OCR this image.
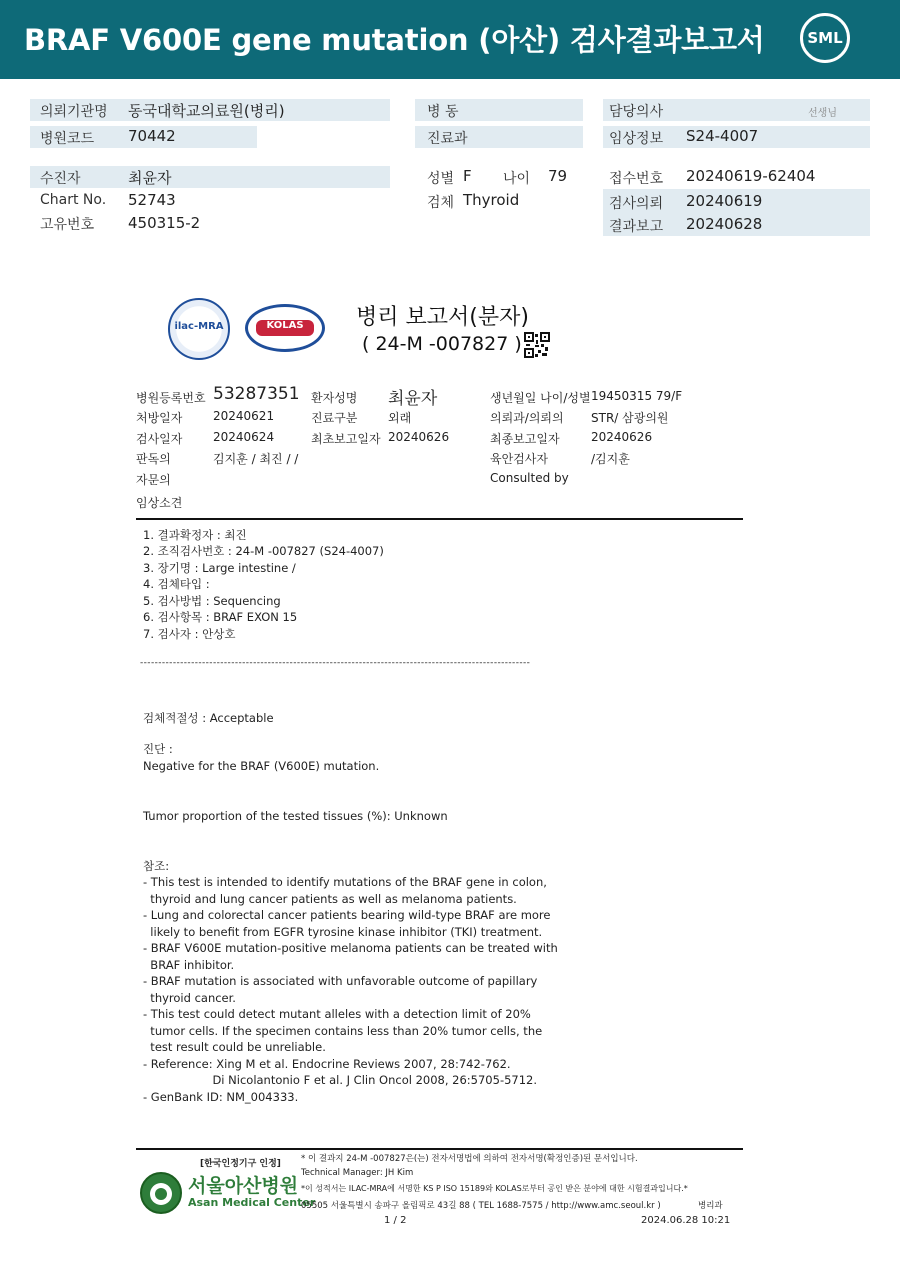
BRAF V600E gene mutation (아산) 검사결과보고서	SML
의뢰기관명 동국대학교의료원(병리)
병원코드 70442
병 동
진료과
담당의사	선생님
임상정보 S24-4007
수진자	최윤자
Chart No. 52743
고유번호 450315-2
성별 F 나이 79
검체 Thyroid
접수번호 20240619-62404
검사의뢰 20240619
결과보고 20240628
ilac-MRA	KOLAS	병리 보고서(분자)
( 24-M -007827 )
병원등록번호 53287351 환자성명 최윤자	생년월일 나이/성별 19450315 79/F
처방일자	20240621	진료구분	외래	의뢰과/의뢰의 STR/ 삼광의원
검사일자	20240624	최초보고일자 20240626	최종보고일자	20240626
판독의	김지훈 / 최진 / /	육안검사자	/김지훈
자문의	Consulted by
임상소견
1. 결과확정자 : 최진
2. 조직검사번호 : 24-M -007827 (S24-4007)
3. 장기명 : Large intestine /
4. 검체타입 :
5. 검사방법 : Sequencing
6. 검사항목 : BRAF EXON 15
7. 검사자 : 안상호
-----------------------------------------------------------------------------------------------------------
검체적절성 : Acceptable
진단 :
Negative for the BRAF (V600E) mutation.
Tumor proportion of the tested tissues (%): Unknown
참조:
- This test is intended to identify mutations of the BRAF gene in colon,
thyroid and lung cancer patients as well as melanoma patients.
- Lung and colorectal cancer patients bearing wild-type BRAF are more
likely to benefit from EGFR tyrosine kinase inhibitor (TKI) treatment.
- BRAF V600E mutation-positive melanoma patients can be treated with
BRAF inhibitor.
- BRAF mutation is associated with unfavorable outcome of papillary
thyroid cancer.
- This test could detect mutant alleles with a detection limit of 20%
tumor cells. If the specimen contains less than 20% tumor cells, the
test result could be unreliable.
- Reference: Xing M et al. Endocrine Reviews 2007, 28:742-762.
Di Nicolantonio F et al. J Clin Oncol 2008, 26:5705-5712.
- GenBank ID: NM_004333.
[한국인정기구 인정]
서울아산병원
Asan Medical Center
* 이 결과지 24-M -007827은(는) 전자서명법에 의하여 전자서명(확정인증)된 문서입니다.
Technical Manager: JH Kim
*이 성적서는 ILAC-MRA에 서명한 KS P ISO 15189와 KOLAS로부터 공인 받은 분야에 대한 시험결과입니다.*
05505 서울특별시 송파구 올림픽로 43길 88 ( TEL 1688-7575 / http://www.amc.seoul.kr )	병리과
1 / 2	2024.06.28 10:21
